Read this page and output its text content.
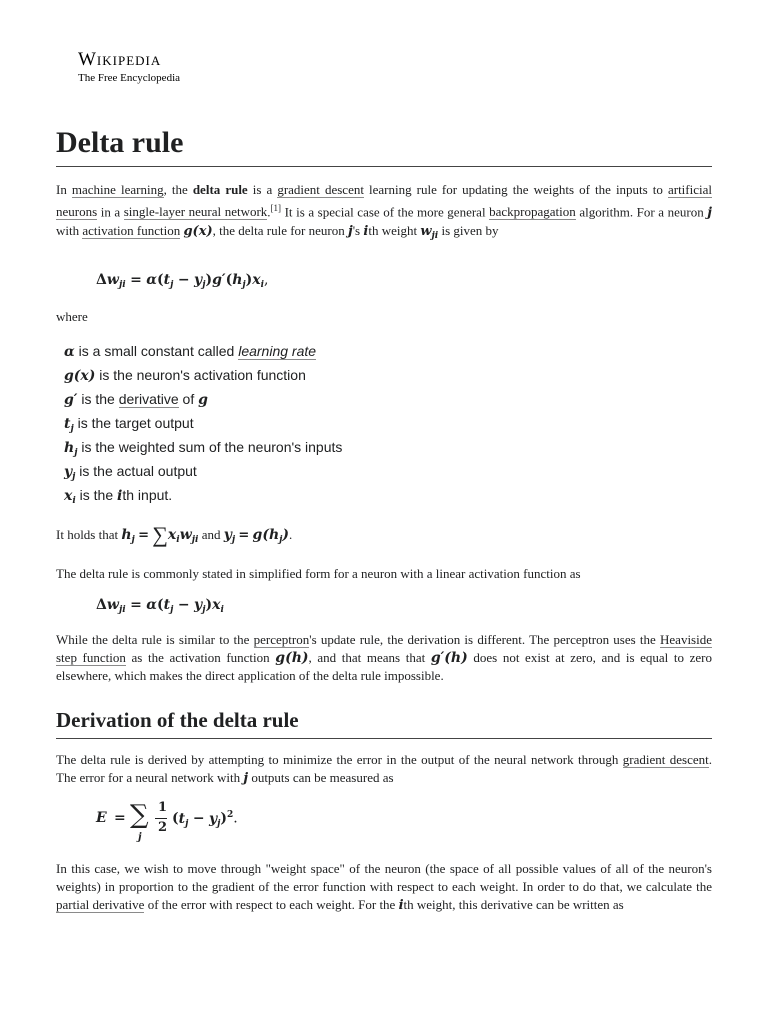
Wikipedia
The Free Encyclopedia
Delta rule

In machine learning, the delta rule is a gradient descent learning rule for updating the weights of the inputs to artificial neurons in a single-layer neural network.[1] It is a special case of the more general backpropagation algorithm. For a neuron j with activation function g(x), the delta rule for neuron j's ith weight $w_{ji}$ is given by

$\Delta w_{ji} = \alpha(t_j - y_j)g'(h_j)x_i$,

where

α is a small constant called learning rate
g(x) is the neuron's activation function
g′ is the derivative of g
$t_j$ is the target output
$h_j$ is the weighted sum of the neuron's inputs
$y_j$ is the actual output
$x_i$ is the ith input.

It holds that $h_j = \sum x_iw_{ji}$ and $y_j = g(h_j)$.

The delta rule is commonly stated in simplified form for a neuron with a linear activation function as

$\Delta w_{ji} = \alpha(t_j - y_j)x_i$

While the delta rule is similar to the perceptron's update rule, the derivation is different. The perceptron uses the Heaviside step function as the activation function g(h), and that means that g′(h) does not exist at zero, and is equal to zero elsewhere, which makes the direct application of the delta rule impossible.

Derivation of the delta rule

The delta rule is derived by attempting to minimize the error in the output of the neural network through gradient descent. The error for a neural network with j outputs can be measured as

E = ∑
j
1
2
$(t_j - y_j)^2$.

In this case, we wish to move through "weight space" of the neuron (the space of all possible values of all of the neuron's weights) in proportion to the gradient of the error function with respect to each weight. In order to do that, we calculate the partial derivative of the error with respect to each weight. For the ith weight, this derivative can be written as
